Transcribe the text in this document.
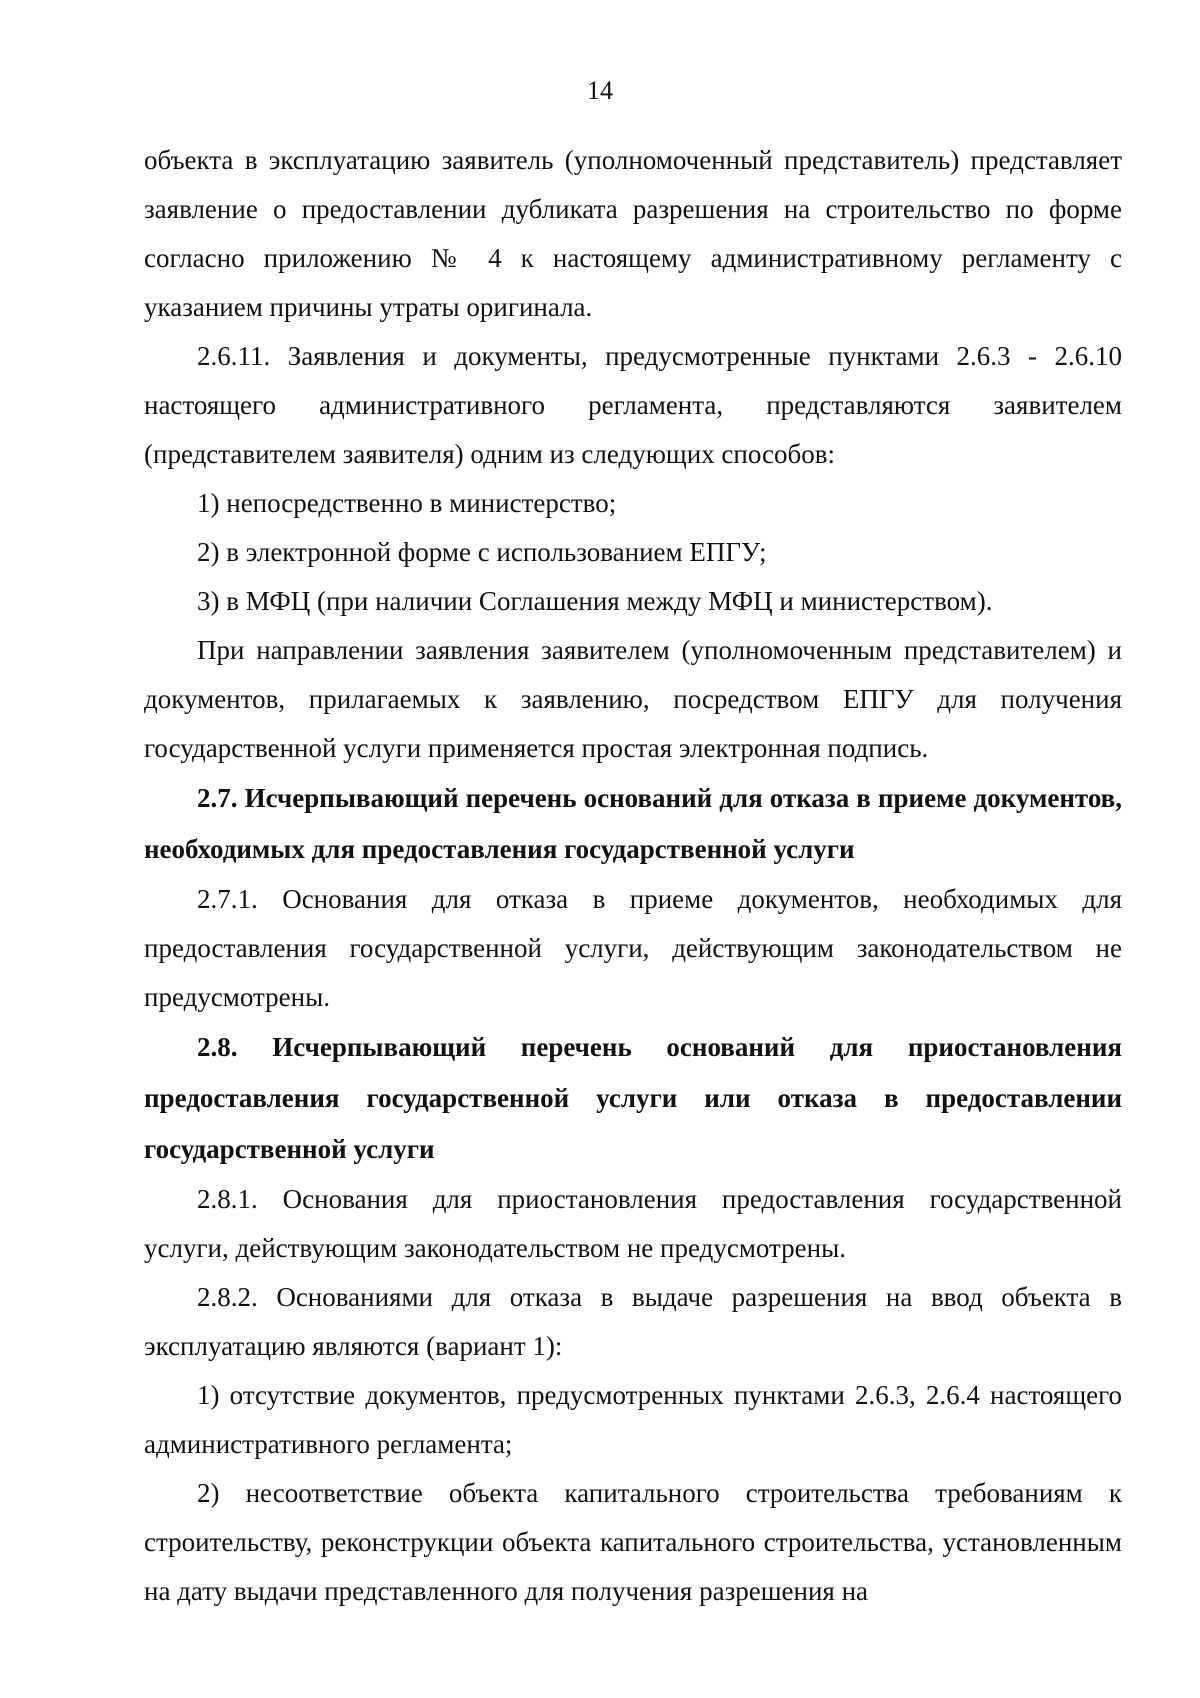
14

объекта в эксплуатацию заявитель (уполномоченный представитель) представляет заявление о предоставлении дубликата разрешения на строительство по форме согласно приложению № 4 к настоящему административному регламенту с указанием причины утраты оригинала.

2.6.11. Заявления и документы, предусмотренные пунктами 2.6.3 - 2.6.10 настоящего административного регламента, представляются заявителем (представителем заявителя) одним из следующих способов:

1) непосредственно в министерство;

2) в электронной форме с использованием ЕПГУ;

3) в МФЦ (при наличии Соглашения между МФЦ и министерством).

При направлении заявления заявителем (уполномоченным представителем) и документов, прилагаемых к заявлению, посредством ЕПГУ для получения государственной услуги применяется простая электронная подпись.

2.7. Исчерпывающий перечень оснований для отказа в приеме документов, необходимых для предоставления государственной услуги

2.7.1. Основания для отказа в приеме документов, необходимых для предоставления государственной услуги, действующим законодательством не предусмотрены.

2.8. Исчерпывающий перечень оснований для приостановления предоставления государственной услуги или отказа в предоставлении государственной услуги

2.8.1. Основания для приостановления предоставления государственной услуги, действующим законодательством не предусмотрены.

2.8.2. Основаниями для отказа в выдаче разрешения на ввод объекта в эксплуатацию являются (вариант 1):

1) отсутствие документов, предусмотренных пунктами 2.6.3, 2.6.4 настоящего административного регламента;

2) несоответствие объекта капитального строительства требованиям к строительству, реконструкции объекта капитального строительства, установленным на дату выдачи представленного для получения разрешения на
